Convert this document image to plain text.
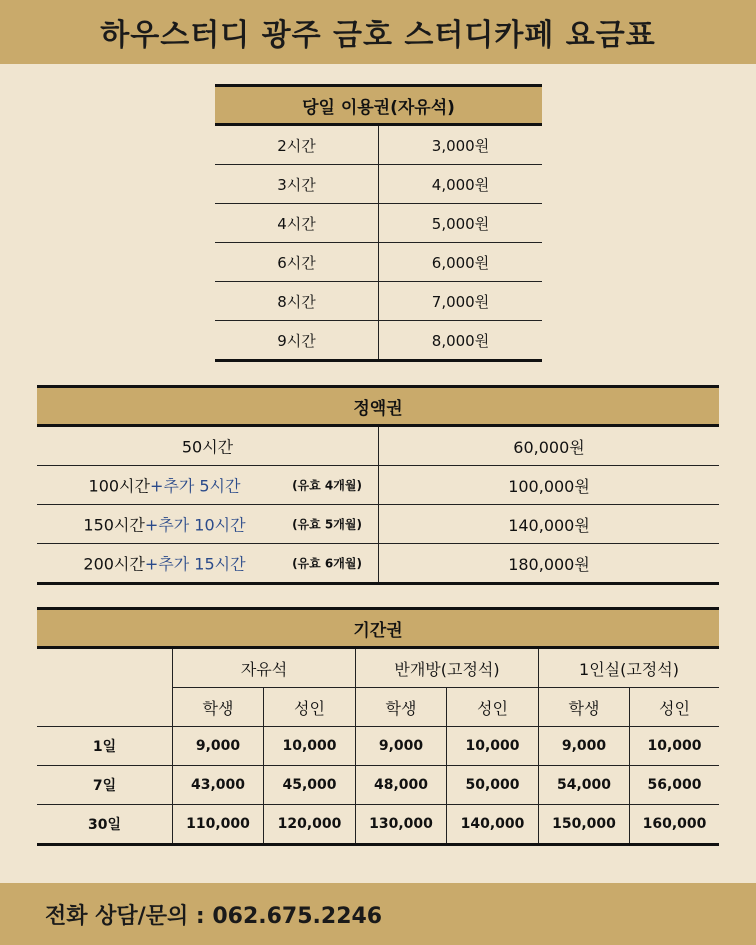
하우스터디 광주 금호 스터디카페 요금표
당일 이용권(자유석)	
2시간	3,000원
3시간	4,000원
4시간	5,000원
6시간	6,000원
8시간	7,000원
9시간	8,000원
정액권	

50시간	60,000원

100시간+추가 5시간 (유효 4개월)	100,000원

150시간+추가 10시간 (유효 5개월)	140,000원

200시간+추가 15시간 (유효 6개월)	180,000원
기간권						
	자유석		반개방(고정석)		1인실(고정석)	
	학생	성인	학생	성인	학생	성인
1일	9,000	10,000	9,000	10,000	9,000	10,000
7일	43,000	45,000	48,000	50,000	54,000	56,000
30일	110,000	120,000	130,000	140,000	150,000	160,000
전화 상담/문의 : 062.675.2246
